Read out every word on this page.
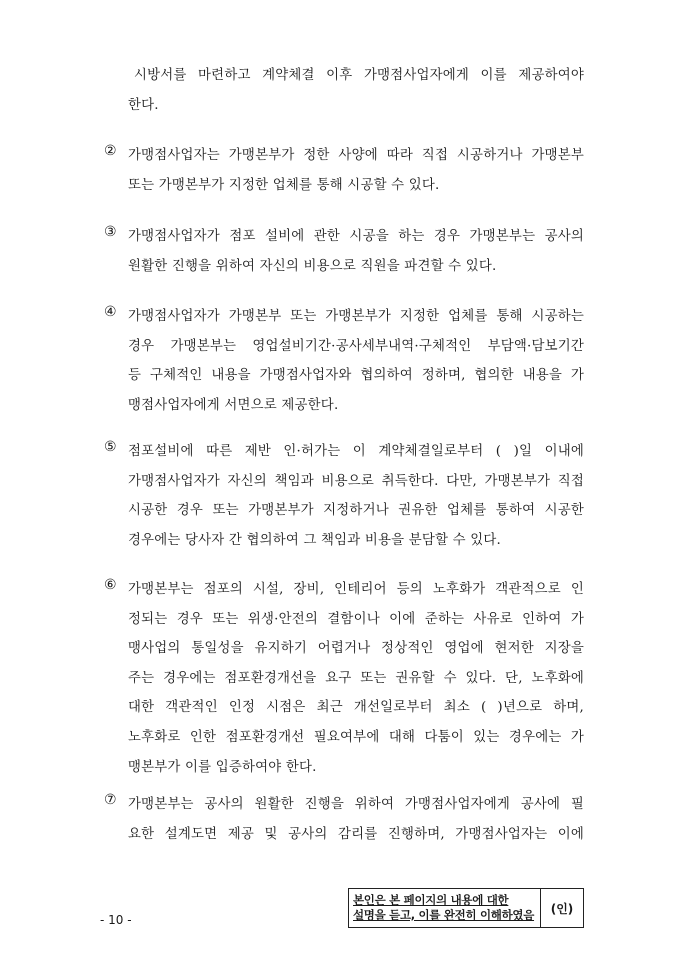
시방서를 마련하고 계약체결 이후 가맹점사업자에게 이를 제공하여야
한다.
② 가맹점사업자는 가맹본부가 정한 사양에 따라 직접 시공하거나 가맹본부
또는 가맹본부가 지정한 업체를 통해 시공할 수 있다.
③ 가맹점사업자가 점포 설비에 관한 시공을 하는 경우 가맹본부는 공사의
원활한 진행을 위하여 자신의 비용으로 직원을 파견할 수 있다.
④ 가맹점사업자가 가맹본부 또는 가맹본부가 지정한 업체를 통해 시공하는
경우 가맹본부는 영업설비기간·공사세부내역·구체적인 부담액·담보기간
등 구체적인 내용을 가맹점사업자와 협의하여 정하며, 협의한 내용을 가
맹점사업자에게 서면으로 제공한다.
⑤ 점포설비에 따른 제반 인·허가는 이 계약체결일로부터 ( )일 이내에
가맹점사업자가 자신의 책임과 비용으로 취득한다. 다만, 가맹본부가 직접
시공한 경우 또는 가맹본부가 지정하거나 권유한 업체를 통하여 시공한
경우에는 당사자 간 협의하여 그 책임과 비용을 분담할 수 있다.
⑥ 가맹본부는 점포의 시설, 장비, 인테리어 등의 노후화가 객관적으로 인
정되는 경우 또는 위생·안전의 결함이나 이에 준하는 사유로 인하여 가
맹사업의 통일성을 유지하기 어렵거나 정상적인 영업에 현저한 지장을
주는 경우에는 점포환경개선을 요구 또는 권유할 수 있다. 단, 노후화에
대한 객관적인 인정 시점은 최근 개선일로부터 최소 ( )년으로 하며,
노후화로 인한 점포환경개선 필요여부에 대해 다툼이 있는 경우에는 가
맹본부가 이를 입증하여야 한다.
⑦ 가맹본부는 공사의 원활한 진행을 위하여 가맹점사업자에게 공사에 필
요한 설계도면 제공 및 공사의 감리를 진행하며, 가맹점사업자는 이에
본인은 본 페이지의 내용에 대한
설명을 듣고, 이를 완전히 이해하였음	(인)
- 10 -
